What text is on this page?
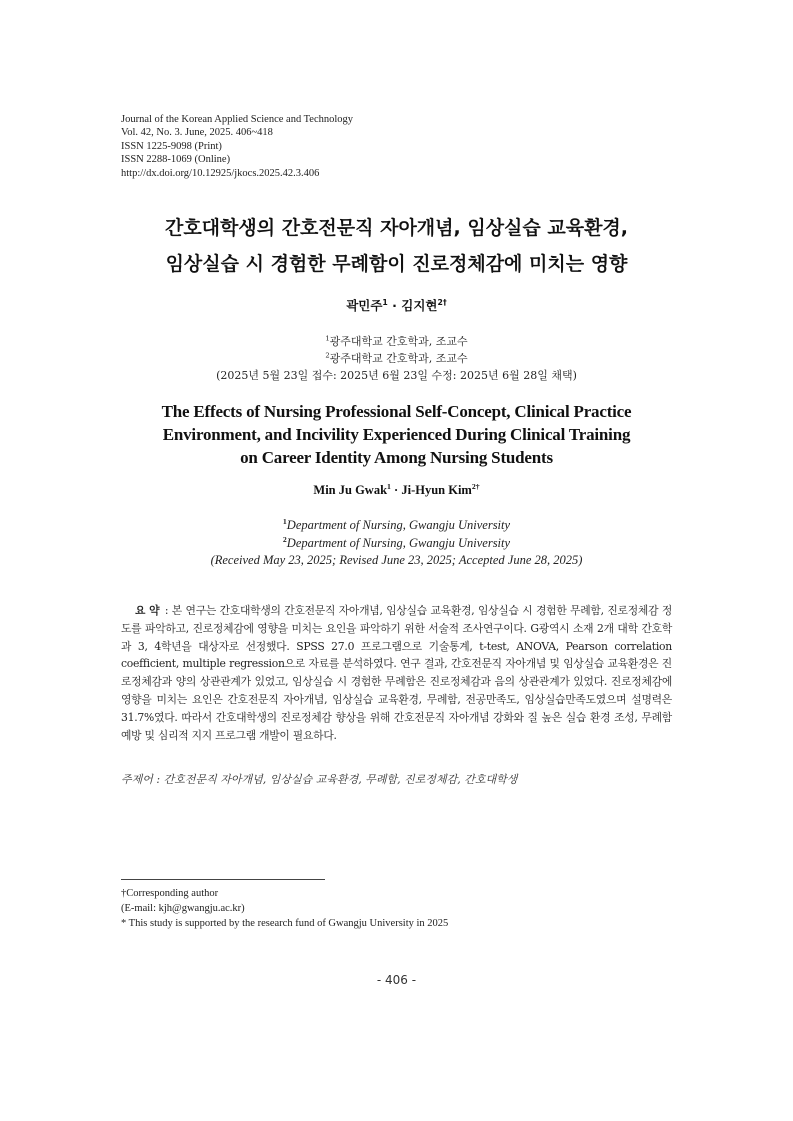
Journal of the Korean Applied Science and Technology
Vol. 42, No. 3. June, 2025. 406~418
ISSN 1225-9098 (Print)
ISSN 2288-1069 (Online)
http://dx.doi.org/10.12925/jkocs.2025.42.3.406
간호대학생의 간호전문직 자아개념, 임상실습 교육환경,
임상실습 시 경험한 무례함이 진로정체감에 미치는 영향
곽민주$^1$ · 김지현$^{2\dagger}$
$^1$광주대학교 간호학과, 조교수
$^2$광주대학교 간호학과, 조교수
(2025년 5월 23일 접수: 2025년 6월 23일 수정: 2025년 6월 28일 채택)
The Effects of Nursing Professional Self-Concept, Clinical Practice
Environment, and Incivility Experienced During Clinical Training
on Career Identity Among Nursing Students
Min Ju Gwak$^1$ · Ji-Hyun Kim$^{2\dagger}$
$^1$Department of Nursing, Gwangju University
$^2$Department of Nursing, Gwangju University
(Received May 23, 2025; Revised June 23, 2025; Accepted June 28, 2025)
요 약 : 본 연구는 간호대학생의 간호전문직 자아개념, 임상실습 교육환경, 임상실습 시 경험한 무례함, 진로정체감 정도를 파악하고, 진로정체감에 영향을 미치는 요인을 파악하기 위한 서술적 조사연구이다. G광역시 소재 2개 대학 간호학과 3, 4학년을 대상자로 선정했다. SPSS 27.0 프로그램으로 기술통계, t-test, ANOVA, Pearson correlation coefficient, multiple regression으로 자료를 분석하였다. 연구 결과, 간호전문직 자아개념 및 임상실습 교육환경은 진로정체감과 양의 상관관계가 있었고, 임상실습 시 경험한 무례함은 진로정체감과 음의 상관관계가 있었다. 진로정체감에 영향을 미치는 요인은 간호전문직 자아개념, 임상실습 교육환경, 무례함, 전공만족도, 임상실습만족도였으며 설명력은 31.7%였다. 따라서 간호대학생의 진로정체감 향상을 위해 간호전문직 자아개념 강화와 질 높은 실습 환경 조성, 무례함 예방 및 심리적 지지 프로그램 개발이 필요하다.
주제어 : 간호전문직 자아개념, 임상실습 교육환경, 무례함, 진로정체감, 간호대학생
†Corresponding author
(E-mail: kjh@gwangju.ac.kr)
* This study is supported by the research fund of Gwangju University in 2025
- 406 -
